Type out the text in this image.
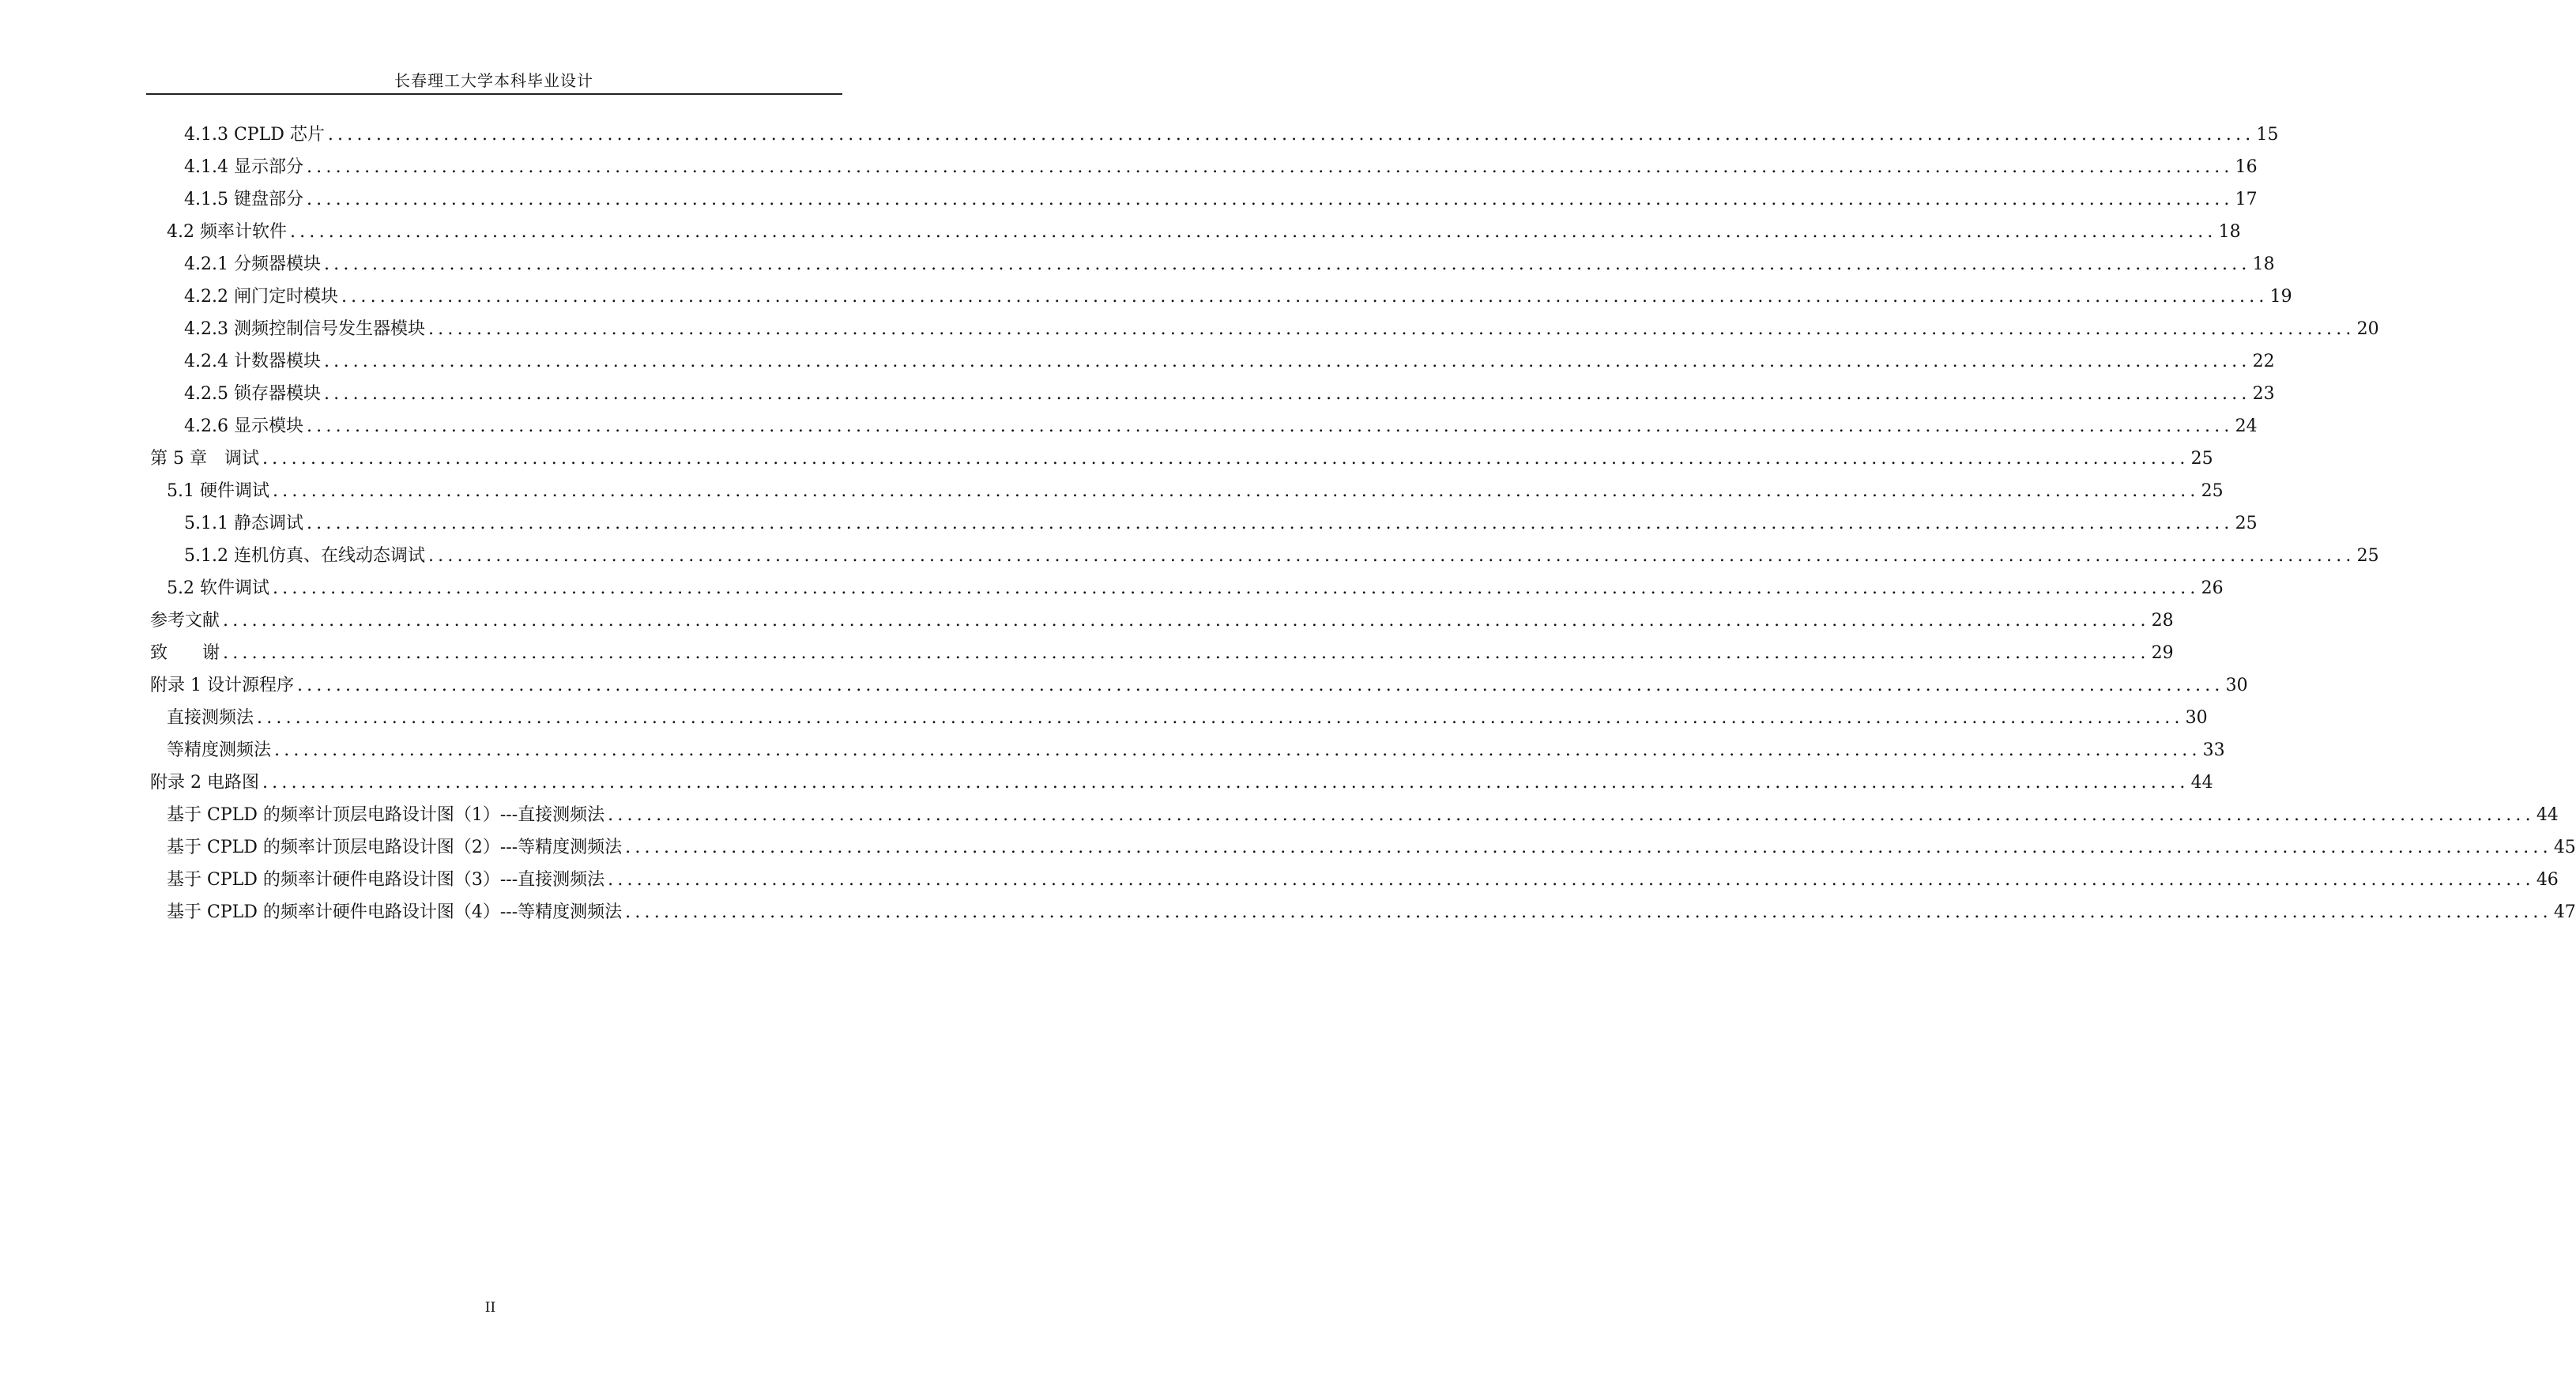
长春理工大学本科毕业设计
4.1.3 CPLD 芯片 ........................................................................................................................................................................................................ 15
4.1.4 显示部分 ........................................................................................................................................................................................................ 16
4.1.5 键盘部分 ........................................................................................................................................................................................................ 17
4.2 频率计软件 ........................................................................................................................................................................................................ 18
4.2.1 分频器模块 ........................................................................................................................................................................................................ 18
4.2.2 闸门定时模块 ........................................................................................................................................................................................................ 19
4.2.3 测频控制信号发生器模块 ........................................................................................................................................................................................................ 20
4.2.4 计数器模块 ........................................................................................................................................................................................................ 22
4.2.5 锁存器模块 ........................................................................................................................................................................................................ 23
4.2.6 显示模块 ........................................................................................................................................................................................................ 24
第 5 章　调试 ........................................................................................................................................................................................................ 25
5.1 硬件调试 ........................................................................................................................................................................................................ 25
5.1.1 静态调试 ........................................................................................................................................................................................................ 25
5.1.2 连机仿真、在线动态调试 ........................................................................................................................................................................................................ 25
5.2 软件调试 ........................................................................................................................................................................................................ 26
参考文献 ........................................................................................................................................................................................................ 28
致　　谢 ........................................................................................................................................................................................................ 29
附录 1 设计源程序 ........................................................................................................................................................................................................ 30
直接测频法 ........................................................................................................................................................................................................ 30
等精度测频法 ........................................................................................................................................................................................................ 33
附录 2 电路图 ........................................................................................................................................................................................................ 44
基于 CPLD 的频率计顶层电路设计图（1）---直接测频法 ........................................................................................................................................................................................................ 44
基于 CPLD 的频率计顶层电路设计图（2）---等精度测频法 ........................................................................................................................................................................................................ 45
基于 CPLD 的频率计硬件电路设计图（3）---直接测频法 ........................................................................................................................................................................................................ 46
基于 CPLD 的频率计硬件电路设计图（4）---等精度测频法 ........................................................................................................................................................................................................ 47
II
